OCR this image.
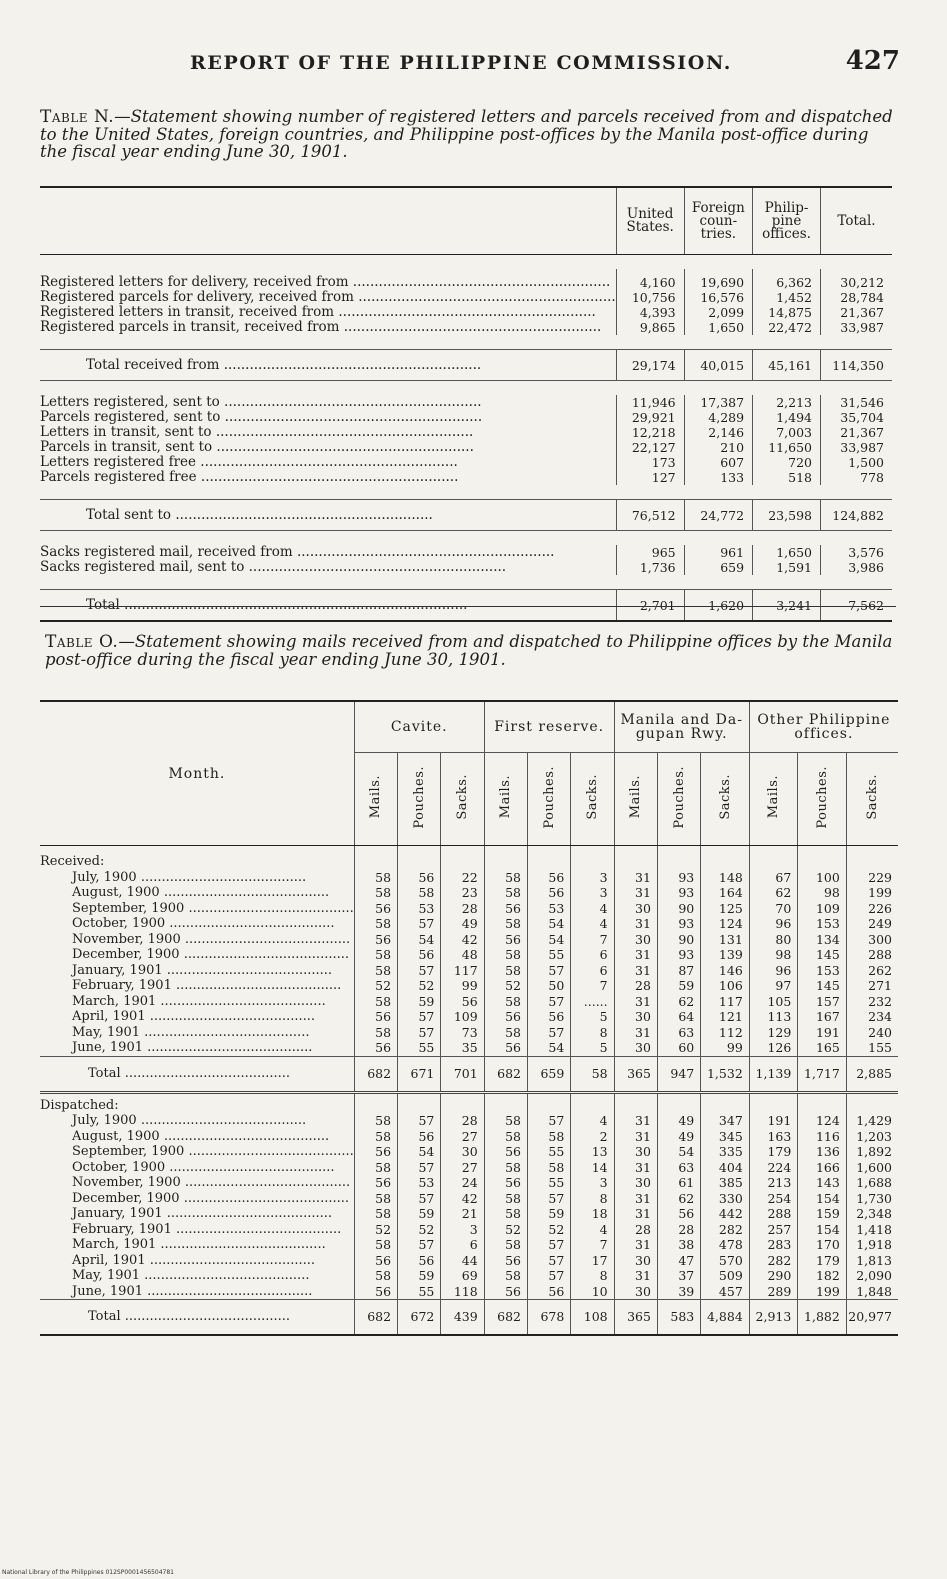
REPORT OF THE PHILIPPINE COMMISSION.	427
Table N.—Statement showing number of registered letters and parcels received from and dispatched to the United States, foreign countries, and Philippine post-offices by the Manila post-office during the fiscal year ending June 30, 1901.
	United States.	Foreign coun-tries.	Philip-pine offices.	Total.

Registered letters for delivery, received from ............................................................	4,160	19,690	6,362	30,212
Registered parcels for delivery, received from ............................................................	10,756	16,576	1,452	28,784
Registered letters in transit, received from ............................................................	4,393	2,099	14,875	21,367
Registered parcels in transit, received from ............................................................	9,865	1,650	22,472	33,987

Total received from ............................................................	29,174	40,015	45,161	114,350

Letters registered, sent to ............................................................	11,946	17,387	2,213	31,546
Parcels registered, sent to ............................................................	29,921	4,289	1,494	35,704
Letters in transit, sent to ............................................................	12,218	2,146	7,003	21,367
Parcels in transit, sent to ............................................................	22,127	210	11,650	33,987
Letters registered free ............................................................	173	607	720	1,500
Parcels registered free ............................................................	127	133	518	778

Total sent to ............................................................	76,512	24,772	23,598	124,882

Sacks registered mail, received from ............................................................	965	961	1,650	3,576
Sacks registered mail, sent to ............................................................	1,736	659	1,591	3,986

Total ................................................................................	2,701	1,620	3,241	7,562
Table O.—Statement showing mails received from and dispatched to Philippine offices by the Manila post-office during the fiscal year ending June 30, 1901.
Month.	Cavite.			First reserve.			Manila and Da-gupan Rwy.			Other Philippine offices.		
	Mails.	Pouches.	Sacks.	Mails.	Pouches.	Sacks.	Mails.	Pouches.	Sacks.	Mails.	Pouches.	Sacks.

Received:												
July, 1900 ........................................	58	56	22	58	56	3	31	93	148	67	100	229
August, 1900 ........................................	58	58	23	58	56	3	31	93	164	62	98	199
September, 1900 ........................................	56	53	28	56	53	4	30	90	125	70	109	226
October, 1900 ........................................	58	57	49	58	54	4	31	93	124	96	153	249
November, 1900 ........................................	56	54	42	56	54	7	30	90	131	80	134	300
December, 1900 ........................................	58	56	48	58	55	6	31	93	139	98	145	288
January, 1901 ........................................	58	57	117	58	57	6	31	87	146	96	153	262
February, 1901 ........................................	52	52	99	52	50	7	28	59	106	97	145	271
March, 1901 ........................................	58	59	56	58	57	......	31	62	117	105	157	232
April, 1901 ........................................	56	57	109	56	56	5	30	64	121	113	167	234
May, 1901 ........................................	58	57	73	58	57	8	31	63	112	129	191	240
June, 1901 ........................................	56	55	35	56	54	5	30	60	99	126	165	155
Total ........................................	682	671	701	682	659	58	365	947	1,532	1,139	1,717	2,885

Dispatched:												
July, 1900 ........................................	58	57	28	58	57	4	31	49	347	191	124	1,429
August, 1900 ........................................	58	56	27	58	58	2	31	49	345	163	116	1,203
September, 1900 ........................................	56	54	30	56	55	13	30	54	335	179	136	1,892
October, 1900 ........................................	58	57	27	58	58	14	31	63	404	224	166	1,600
November, 1900 ........................................	56	53	24	56	55	3	30	61	385	213	143	1,688
December, 1900 ........................................	58	57	42	58	57	8	31	62	330	254	154	1,730
January, 1901 ........................................	58	59	21	58	59	18	31	56	442	288	159	2,348
February, 1901 ........................................	52	52	3	52	52	4	28	28	282	257	154	1,418
March, 1901 ........................................	58	57	6	58	57	7	31	38	478	283	170	1,918
April, 1901 ........................................	56	56	44	56	57	17	30	47	570	282	179	1,813
May, 1901 ........................................	58	59	69	58	57	8	31	37	509	290	182	2,090
June, 1901 ........................................	56	55	118	56	56	10	30	39	457	289	199	1,848
Total ........................................	682	672	439	682	678	108	365	583	4,884	2,913	1,882	20,977
National Library of the Philippines 012SP0001456504781
